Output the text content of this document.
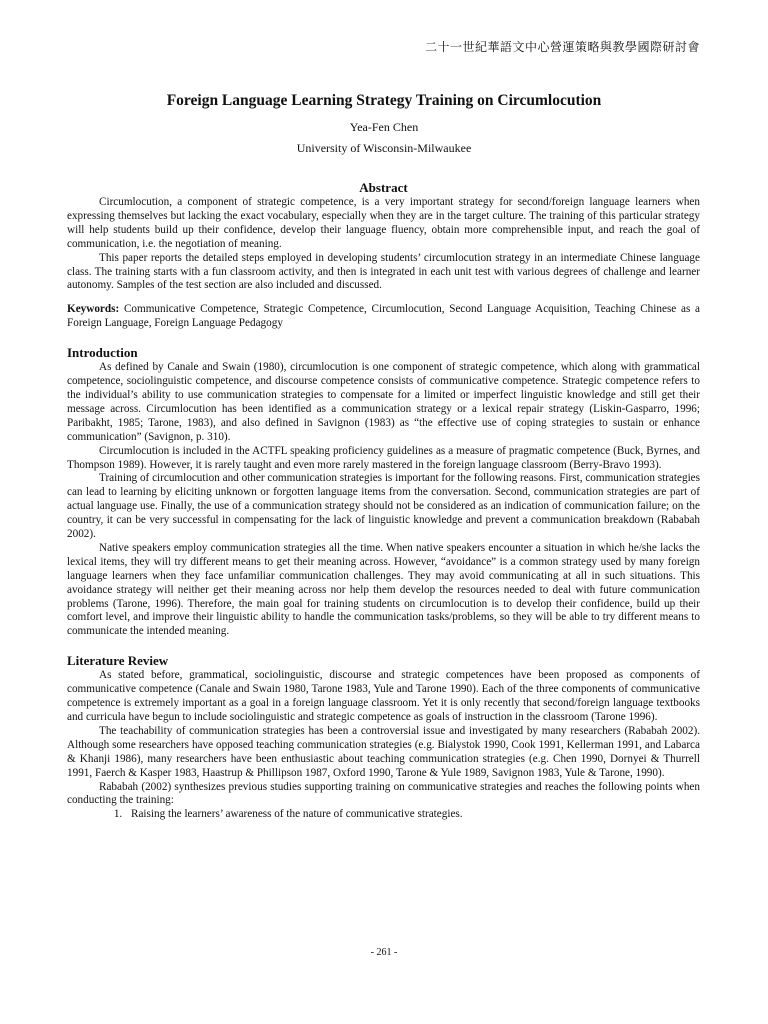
二十一世紀華語文中心營運策略與教學國際研討會
Foreign Language Learning Strategy Training on Circumlocution
Yea-Fen Chen
University of Wisconsin-Milwaukee
Abstract

Circumlocution, a component of strategic competence, is a very important strategy for second/foreign language learners when expressing themselves but lacking the exact vocabulary, especially when they are in the target culture. The training of this particular strategy will help students build up their confidence, develop their language fluency, obtain more comprehensible input, and reach the goal of communication, i.e. the negotiation of meaning.

This paper reports the detailed steps employed in developing students’ circumlocution strategy in an intermediate Chinese language class. The training starts with a fun classroom activity, and then is integrated in each unit test with various degrees of challenge and learner autonomy. Samples of the test section are also included and discussed.

Keywords: Communicative Competence, Strategic Competence, Circumlocution, Second Language Acquisition, Teaching Chinese as a Foreign Language, Foreign Language Pedagogy

Introduction

As defined by Canale and Swain (1980), circumlocution is one component of strategic competence, which along with grammatical competence, sociolinguistic competence, and discourse competence consists of communicative competence. Strategic competence refers to the individual’s ability to use communication strategies to compensate for a limited or imperfect linguistic knowledge and still get their message across. Circumlocution has been identified as a communication strategy or a lexical repair strategy (Liskin-Gasparro, 1996; Paribakht, 1985; Tarone, 1983), and also defined in Savignon (1983) as “the effective use of coping strategies to sustain or enhance communication” (Savignon, p. 310).

Circumlocution is included in the ACTFL speaking proficiency guidelines as a measure of pragmatic competence (Buck, Byrnes, and Thompson 1989). However, it is rarely taught and even more rarely mastered in the foreign language classroom (Berry-Bravo 1993).

Training of circumlocution and other communication strategies is important for the following reasons. First, communication strategies can lead to learning by eliciting unknown or forgotten language items from the conversation. Second, communication strategies are part of actual language use. Finally, the use of a communication strategy should not be considered as an indication of communication failure; on the country, it can be very successful in compensating for the lack of linguistic knowledge and prevent a communication breakdown (Rababah 2002).

Native speakers employ communication strategies all the time. When native speakers encounter a situation in which he/she lacks the lexical items, they will try different means to get their meaning across. However, “avoidance” is a common strategy used by many foreign language learners when they face unfamiliar communication challenges. They may avoid communicating at all in such situations. This avoidance strategy will neither get their meaning across nor help them develop the resources needed to deal with future communication problems (Tarone, 1996). Therefore, the main goal for training students on circumlocution is to develop their confidence, build up their comfort level, and improve their linguistic ability to handle the communication tasks/problems, so they will be able to try different means to communicate the intended meaning.

Literature Review

As stated before, grammatical, sociolinguistic, discourse and strategic competences have been proposed as components of communicative competence (Canale and Swain 1980, Tarone 1983, Yule and Tarone 1990). Each of the three components of communicative competence is extremely important as a goal in a foreign language classroom. Yet it is only recently that second/foreign language textbooks and curricula have begun to include sociolinguistic and strategic competence as goals of instruction in the classroom (Tarone 1996).

The teachability of communication strategies has been a controversial issue and investigated by many researchers (Rababah 2002). Although some researchers have opposed teaching communication strategies (e.g. Bialystok 1990, Cook 1991, Kellerman 1991, and Labarca & Khanji 1986), many researchers have been enthusiastic about teaching communication strategies (e.g. Chen 1990, Dornyei & Thurrell 1991, Faerch & Kasper 1983, Haastrup & Phillipson 1987, Oxford 1990, Tarone & Yule 1989, Savignon 1983, Yule & Tarone, 1990).

Rababah (2002) synthesizes previous studies supporting training on communicative strategies and reaches the following points when conducting the training:

1. Raising the learners’ awareness of the nature of communicative strategies.
- 261 -
